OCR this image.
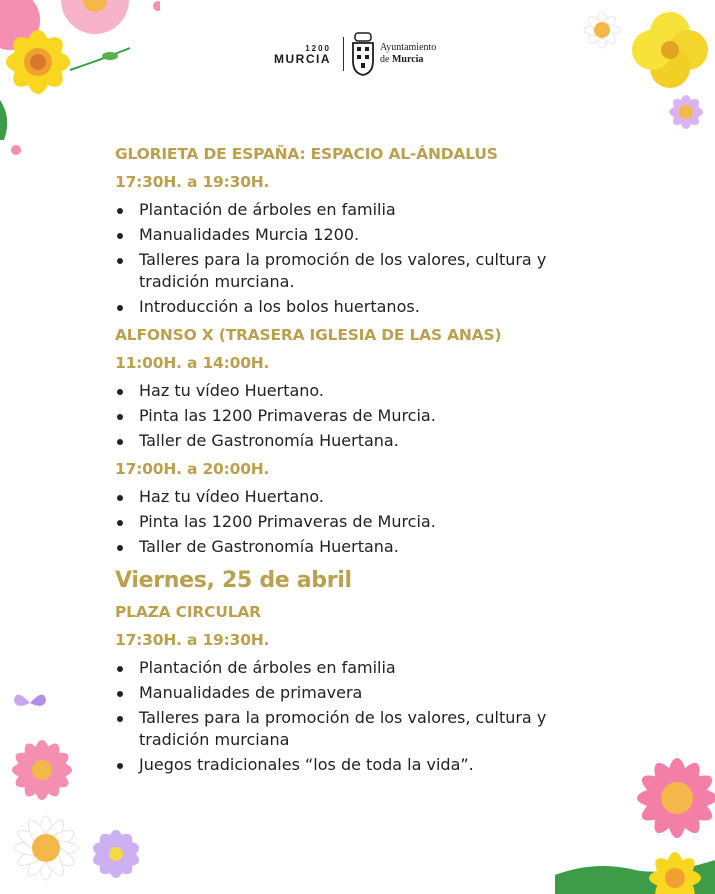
1200
MURCIA
Ayuntamiento
de Murcia
GLORIETA DE ESPAÑA: ESPACIO AL-ÁNDALUS
17:30H. a 19:30H.
Plantación de árboles en familia
Manualidades Murcia 1200.
Talleres para la promoción de los valores, cultura y tradición murciana.
Introducción a los bolos huertanos.
ALFONSO X (TRASERA IGLESIA DE LAS ANAS)
11:00H. a 14:00H.
Haz tu vídeo Huertano.
Pinta las 1200 Primaveras de Murcia.
Taller de Gastronomía Huertana.
17:00H. a 20:00H.
Haz tu vídeo Huertano.
Pinta las 1200 Primaveras de Murcia.
Taller de Gastronomía Huertana.
Viernes, 25 de abril
PLAZA CIRCULAR
17:30H. a 19:30H.
Plantación de árboles en familia
Manualidades de primavera
Talleres para la promoción de los valores, cultura y tradición murciana
Juegos tradicionales “los de toda la vida”.
